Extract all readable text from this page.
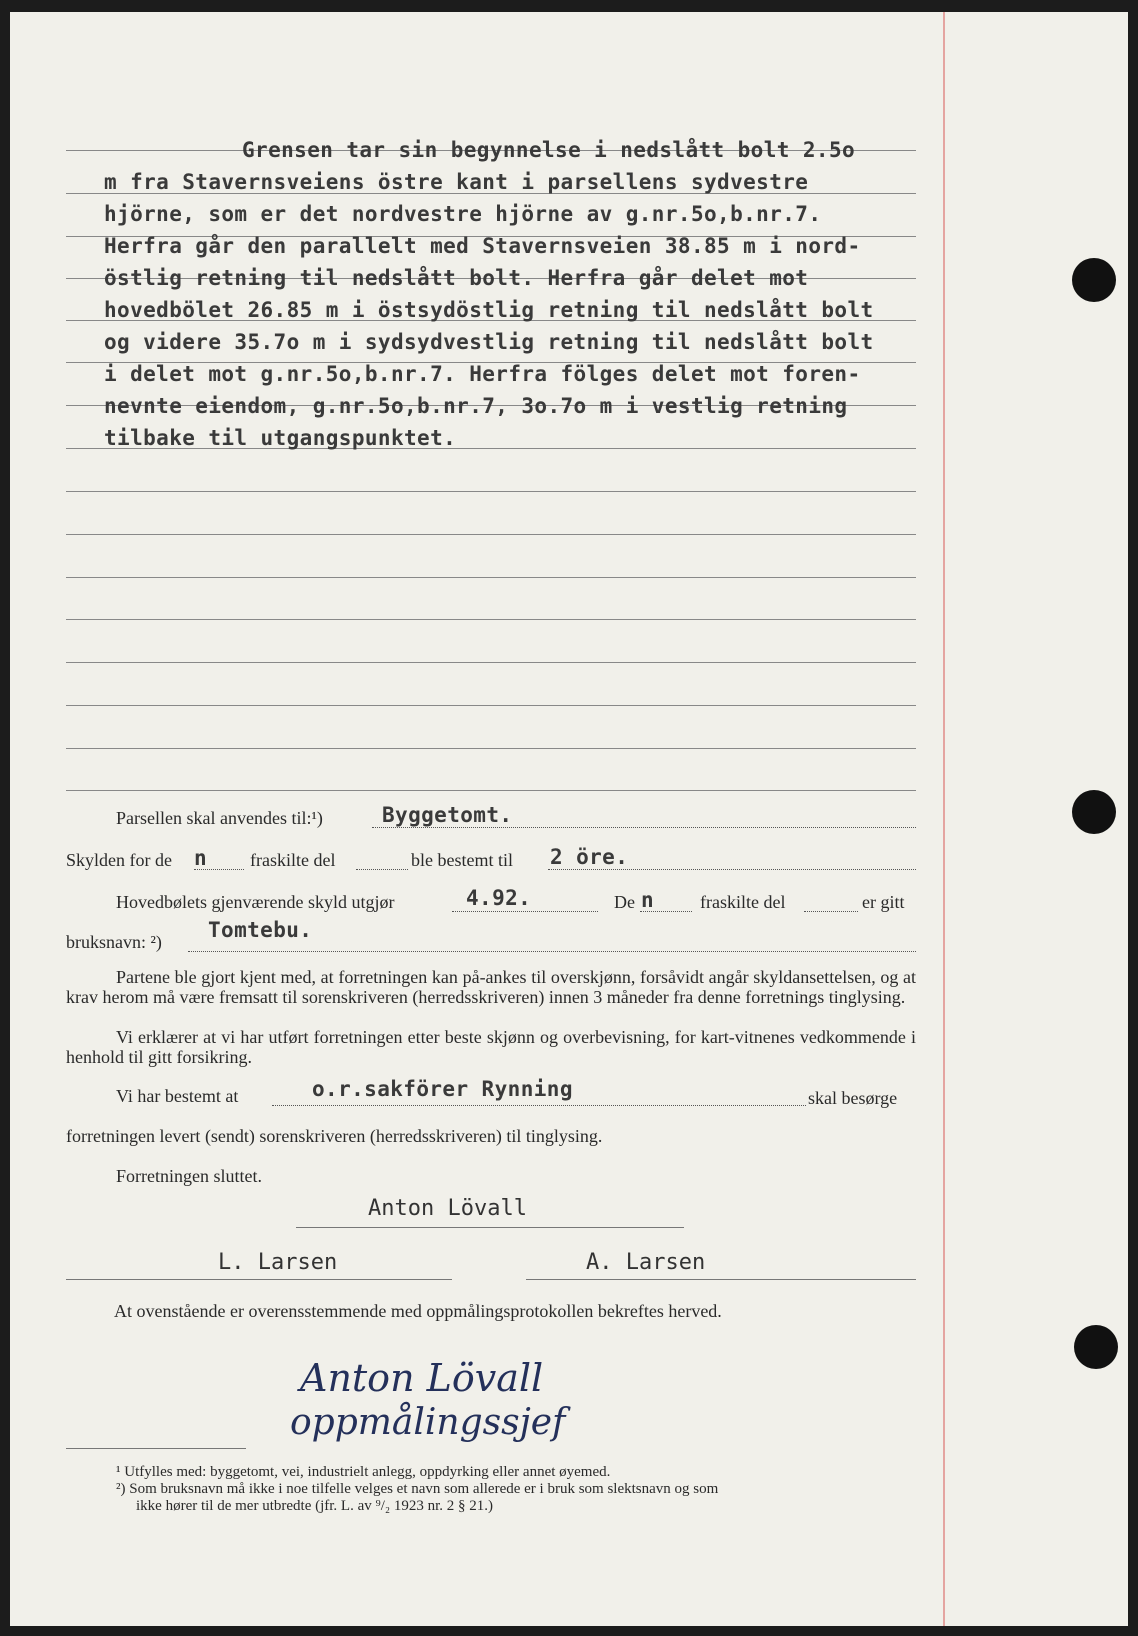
Grensen tar sin begynnelse i nedslått bolt 2.5o
m fra Stavernsveiens östre kant i parsellens sydvestre
hjörne, som er det nordvestre hjörne av g.nr.5o,b.nr.7.
Herfra går den parallelt med Stavernsveien 38.85 m i nord-
östlig retning til nedslått bolt. Herfra går delet mot
hovedbölet 26.85 m i östsydöstlig retning til nedslått bolt
og videre 35.7o m i sydsydvestlig retning til nedslått bolt
i delet mot g.nr.5o,b.nr.7. Herfra fölges delet mot foren-
nevnte eiendom, g.nr.5o,b.nr.7, 3o.7o m i vestlig retning
tilbake til utgangspunktet.
Parsellen skal anvendes til:¹)	Byggetomt.
Skylden for de n fraskilte del	ble bestemt til 2 öre.
Hovedbølets gjenværende skyld utgjør	4.92.	De n	fraskilte del	er gitt
bruksnavn: ²) Tomtebu.
Partene ble gjort kjent med, at forretningen kan på-ankes til overskjønn, forsåvidt angår skyldansettelsen, og at krav herom må være fremsatt til sorenskriveren (herredsskriveren) innen 3 måneder fra denne forretnings tinglysing.
Vi erklærer at vi har utført forretningen etter beste skjønn og overbevisning, for kart-vitnenes vedkommende i henhold til gitt forsikring.
Vi har bestemt at	o.r.sakförer Rynning	skal besørge
forretningen levert (sendt) sorenskriveren (herredsskriveren) til tinglysing.
Forretningen sluttet.
Anton Lövall
L. Larsen	A. Larsen
At ovenstående er overensstemmende med oppmålingsprotokollen bekreftes herved.
Anton Lövall
oppmålingssjef
¹ Utfylles med: byggetomt, vei, industrielt anlegg, oppdyrking eller annet øyemed.
²) Som bruksnavn må ikke i noe tilfelle velges et navn som allerede er i bruk som slektsnavn og som
ikke hører til de mer utbredte (jfr. L. av ⁹/₂ 1923 nr. 2 § 21.)
